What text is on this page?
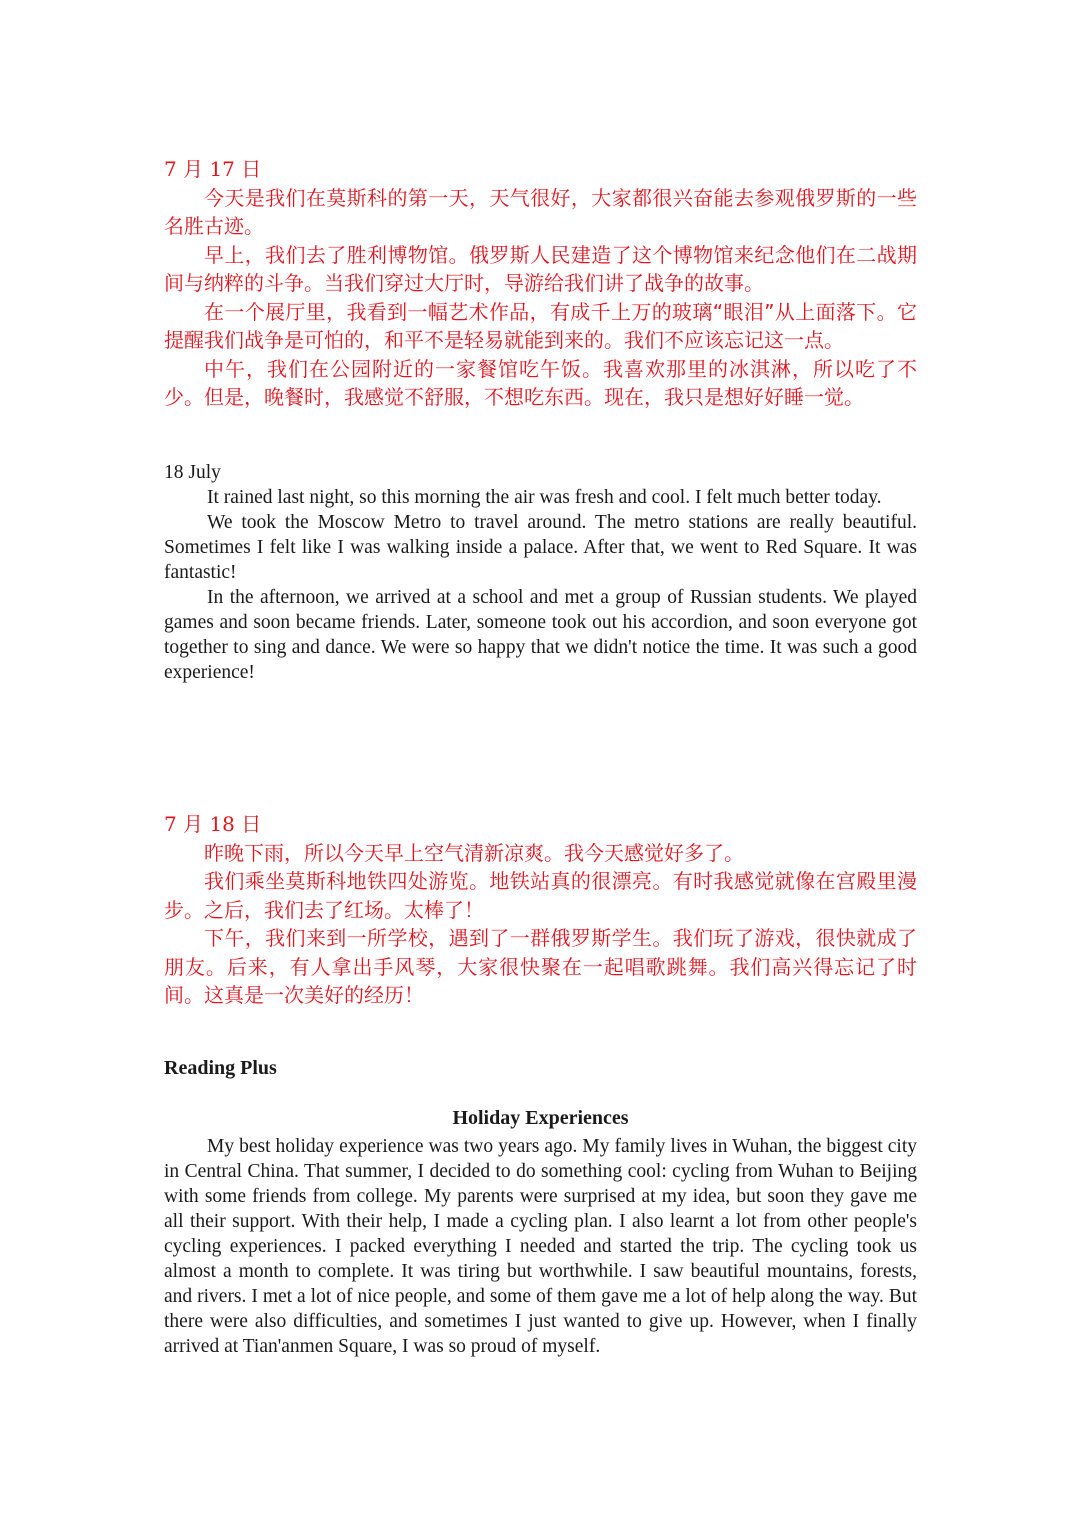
7 月 17 日

今天是我们在莫斯科的第一天，天气很好，大家都很兴奋能去参观俄罗斯的一些名胜古迹。

早上，我们去了胜利博物馆。俄罗斯人民建造了这个博物馆来纪念他们在二战期间与纳粹的斗争。当我们穿过大厅时，导游给我们讲了战争的故事。

在一个展厅里，我看到一幅艺术作品，有成千上万的玻璃“眼泪”从上面落下。它提醒我们战争是可怕的，和平不是轻易就能到来的。我们不应该忘记这一点。

中午，我们在公园附近的一家餐馆吃午饭。我喜欢那里的冰淇淋，所以吃了不少。但是，晚餐时，我感觉不舒服，不想吃东西。现在，我只是想好好睡一觉。

18 July

It rained last night, so this morning the air was fresh and cool. I felt much better today.

We took the Moscow Metro to travel around. The metro stations are really beautiful. Sometimes I felt like I was walking inside a palace. After that, we went to Red Square. It was fantastic!

In the afternoon, we arrived at a school and met a group of Russian students. We played games and soon became friends. Later, someone took out his accordion, and soon everyone got together to sing and dance. We were so happy that we didn't notice the time. It was such a good experience!

7 月 18 日

昨晚下雨，所以今天早上空气清新凉爽。我今天感觉好多了。

我们乘坐莫斯科地铁四处游览。地铁站真的很漂亮。有时我感觉就像在宫殿里漫步。之后，我们去了红场。太棒了！

下午，我们来到一所学校，遇到了一群俄罗斯学生。我们玩了游戏，很快就成了朋友。后来，有人拿出手风琴，大家很快聚在一起唱歌跳舞。我们高兴得忘记了时间。这真是一次美好的经历！

Reading Plus
Holiday Experiences

My best holiday experience was two years ago. My family lives in Wuhan, the biggest city in Central China. That summer, I decided to do something cool: cycling from Wuhan to Beijing with some friends from college. My parents were surprised at my idea, but soon they gave me all their support. With their help, I made a cycling plan. I also learnt a lot from other people's cycling experiences. I packed everything I needed and started the trip. The cycling took us almost a month to complete. It was tiring but worthwhile. I saw beautiful mountains, forests, and rivers. I met a lot of nice people, and some of them gave me a lot of help along the way. But there were also difficulties, and sometimes I just wanted to give up. However, when I finally arrived at Tian'anmen Square, I was so proud of myself.
